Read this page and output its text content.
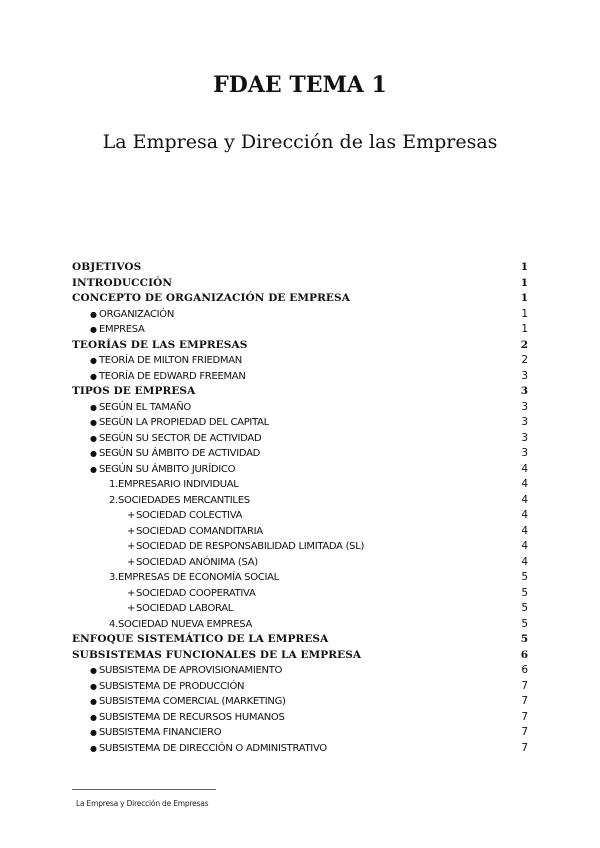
FDAE TEMA 1
La Empresa y Dirección de las Empresas
OBJETIVOS	1
INTRODUCCIÓN	1
CONCEPTO DE ORGANIZACIÓN DE EMPRESA	1
● ORGANIZACIÓN	1
● EMPRESA	1
TEORÍAS DE LAS EMPRESAS	2
● TEORÍA DE MILTON FRIEDMAN	2
● TEORÍA DE EDWARD FREEMAN	3
TIPOS DE EMPRESA	3
● SEGÚN EL TAMAÑO	3
● SEGÚN LA PROPIEDAD DEL CAPITAL	3
● SEGÚN SU SECTOR DE ACTIVIDAD	3
● SEGÚN SU ÁMBITO DE ACTIVIDAD	3
● SEGÚN SU ÁMBITO JURÍDICO	4
1.EMPRESARIO INDIVIDUAL	4
2.SOCIEDADES MERCANTILES	4
+SOCIEDAD COLECTIVA	4
+SOCIEDAD COMANDITARIA	4
+SOCIEDAD DE RESPONSABILIDAD LIMITADA (SL)	4
+SOCIEDAD ANÓNIMA (SA)	4
3.EMPRESAS DE ECONOMÍA SOCIAL	5
+SOCIEDAD COOPERATIVA	5
+SOCIEDAD LABORAL	5
4.SOCIEDAD NUEVA EMPRESA	5
ENFOQUE SISTEMÁTICO DE LA EMPRESA	5
SUBSISTEMAS FUNCIONALES DE LA EMPRESA	6
● SUBSISTEMA DE APROVISIONAMIENTO	6
● SUBSISTEMA DE PRODUCCIÓN	7
● SUBSISTEMA COMERCIAL (MARKETING)	7
● SUBSISTEMA DE RECURSOS HUMANOS	7
● SUBSISTEMA FINANCIERO	7
● SUBSISTEMA DE DIRECCIÓN O ADMINISTRATIVO	7
La Empresa y Dirección de Empresas
